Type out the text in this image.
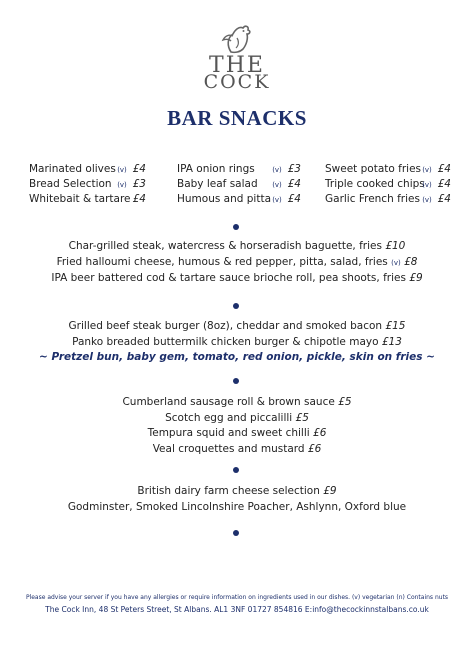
THE
COCK
BAR SNACKS
Marinated olives (v) £4
Bread Selection (v) £3
Whitebait & tartare £4
IPA onion rings	(v) £3
Baby leaf salad	(v) £4
Humous and pitta (v) £4
Sweet potato fries (v) £4
Triple cooked chips
(v) £4
Garlic French fries (v) £4
Char-grilled steak, watercress & horseradish baguette, fries £10
Fried halloumi cheese, humous & red pepper, pitta, salad, fries (v) £8
IPA beer battered cod & tartare sauce brioche roll, pea shoots, fries £9
Grilled beef steak burger (8oz), cheddar and smoked bacon £15
Panko breaded buttermilk chicken burger & chipotle mayo £13
~ Pretzel bun, baby gem, tomato, red onion, pickle, skin on fries ~
Cumberland sausage roll & brown sauce £5
Scotch egg and piccalilli £5
Tempura squid and sweet chilli £6
Veal croquettes and mustard £6
British dairy farm cheese selection £9
Godminster, Smoked Lincolnshire Poacher, Ashlynn, Oxford blue
Please advise your server if you have any allergies or require information on ingredients used in our dishes. (v) vegetarian (n) Contains nuts
The Cock Inn, 48 St Peters Street, St Albans. AL1 3NF 01727 854816 E:info@thecockinnstalbans.co.uk
